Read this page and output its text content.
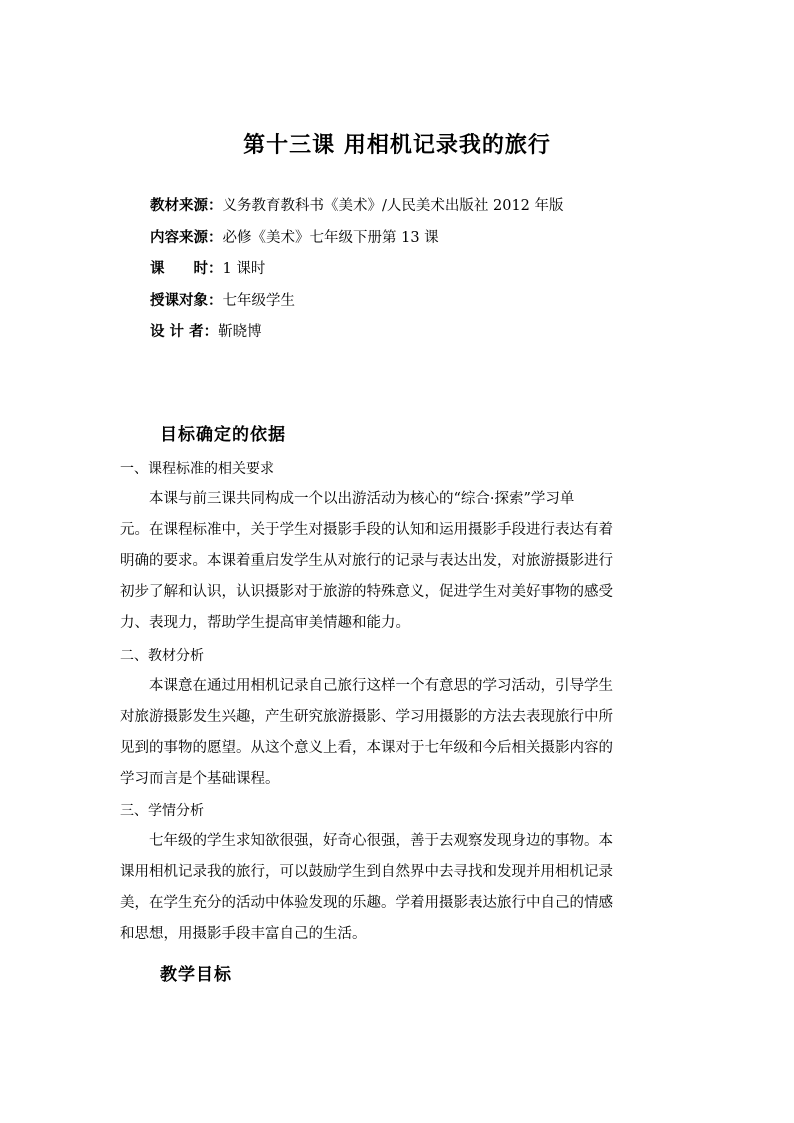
第十三课 用相机记录我的旅行
教材来源：义务教育教科书《美术》/人民美术出版社 2012 年版
内容来源：必修《美术》七年级下册第 13 课
课　　时：1 课时
授课对象：七年级学生
设 计 者：靳晓博
目标确定的依据
一、课程标准的相关要求
　　本课与前三课共同构成一个以出游活动为核心的“综合·探索”学习单
元。在课程标准中，关于学生对摄影手段的认知和运用摄影手段进行表达有着
明确的要求。本课着重启发学生从对旅行的记录与表达出发，对旅游摄影进行
初步了解和认识，认识摄影对于旅游的特殊意义，促进学生对美好事物的感受
力、表现力，帮助学生提高审美情趣和能力。
二、教材分析
　　本课意在通过用相机记录自己旅行这样一个有意思的学习活动，引导学生
对旅游摄影发生兴趣，产生研究旅游摄影、学习用摄影的方法去表现旅行中所
见到的事物的愿望。从这个意义上看，本课对于七年级和今后相关摄影内容的
学习而言是个基础课程。
三、学情分析
　　七年级的学生求知欲很强，好奇心很强，善于去观察发现身边的事物。本
课用相机记录我的旅行，可以鼓励学生到自然界中去寻找和发现并用相机记录
美，在学生充分的活动中体验发现的乐趣。学着用摄影表达旅行中自己的情感
和思想，用摄影手段丰富自己的生活。
教学目标
